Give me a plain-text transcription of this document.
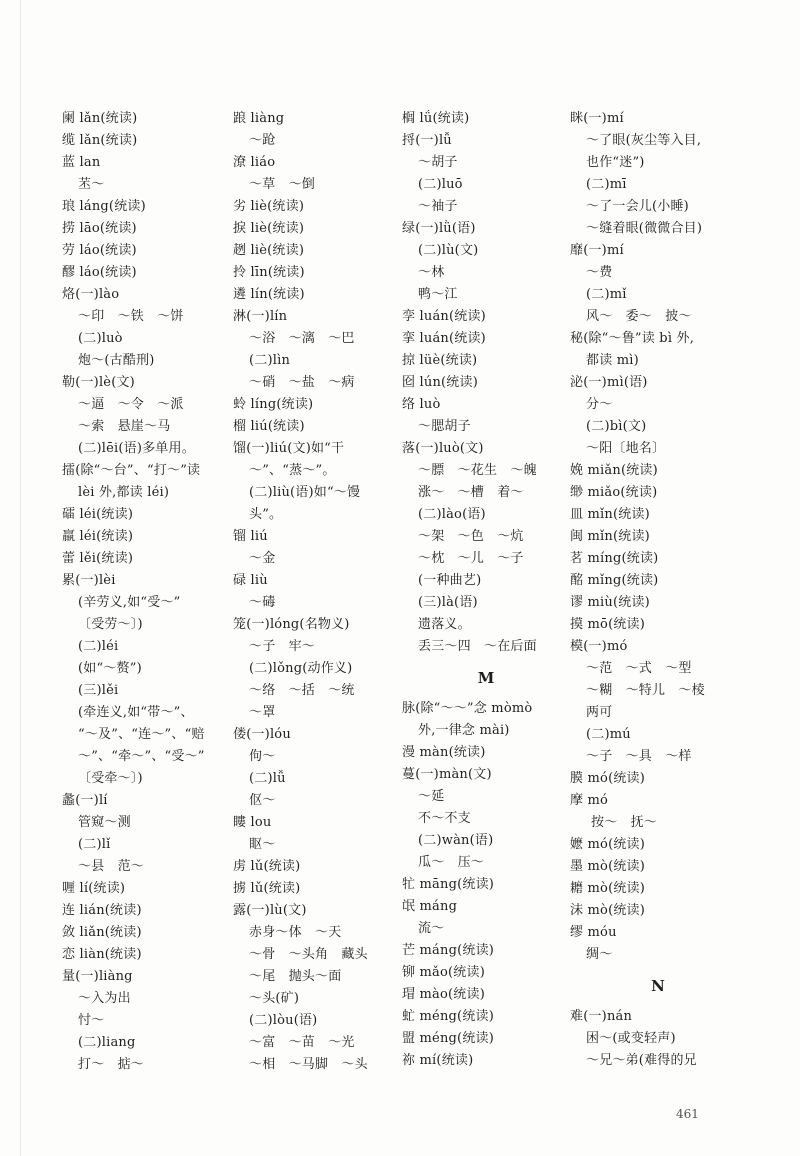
阑 lǎn(统读)
缆 lǎn(统读)
蓝 lan
苤～
琅 láng(统读)
捞 lāo(统读)
劳 láo(统读)
醪 láo(统读)
烙(一)lào
～印　～铁　～饼
(二)luò
炮～(古酷刑)
勒(一)lè(文)
～逼　～令　～派
～索　悬崖～马
(二)lēi(语)多单用。
擂(除“～台”、“打～”读
lèi 外,都读 léi)
礌 léi(统读)
羸 léi(统读)
蕾 lěi(统读)
累(一)lèi
(辛劳义,如“受～”
〔受劳～〕)
(二)léi
(如“～赘”)
(三)lěi
(牵连义,如“带～”、
“～及”、“连～”、“赔
～”、“牵～”、“受～”
〔受牵～〕)
蠡(一)lí
管窥～测
(二)lǐ
～县　范～
喱 lí(统读)
连 lián(统读)
敛 liǎn(统读)
恋 liàn(统读)
量(一)liàng
～入为出
忖～
(二)liang
打～　掂～
踉 liàng
～跄
潦 liáo
～草　～倒
劣 liè(统读)
捩 liè(统读)
趔 liè(统读)
拎 līn(统读)
遴 lín(统读)
淋(一)lín
～浴　～漓　～巴
(二)lìn
～硝　～盐　～病
蛉 líng(统读)
榴 liú(统读)
馏(一)liú(文)如“干
～”、“蒸～”。
(二)liù(语)如“～馒
头”。
镏 liú
～金
碌 liù
～碡
笼(一)lóng(名物义)
～子　牢～
(二)lǒng(动作义)
～络　～括　～统
～罩
偻(一)lóu
佝～
(二)lǚ
伛～
瞜 lou
眍～
虏 lǔ(统读)
掳 lǔ(统读)
露(一)lù(文)
赤身～体　～天
～骨　～头角　藏头
～尾　抛头～面
～头(矿)
(二)lòu(语)
～富　～苗　～光
～相　～马脚　～头
榈 lǘ(统读)
捋(一)lǚ
～胡子
(二)luō
～袖子
绿(一)lǜ(语)
(二)lù(文)
～林
鸭～江
孪 luán(统读)
挛 luán(统读)
掠 lüè(统读)
囵 lún(统读)
络 luò
～腮胡子
落(一)luò(文)
～膘　～花生　～魄
涨～　～槽　着～
(二)lào(语)
～架　～色　～炕
～枕　～儿　～子
(一种曲艺)
(三)là(语)
遗落义。
丢三～四　～在后面
M
脉(除“～～”念 mòmò
外,一律念 mài)
漫 màn(统读)
蔓(一)màn(文)
～延
不～不支
(二)wàn(语)
瓜～　压～
牤 māng(统读)
氓 máng
流～
芒 máng(统读)
铆 mǎo(统读)
瑁 mào(统读)
虻 méng(统读)
盟 méng(统读)
祢 mí(统读)
眯(一)mí
～了眼(灰尘等入目,
也作“迷”)
(二)mī
～了一会儿(小睡)
～缝着眼(微微合目)
靡(一)mí
～费
(二)mǐ
风～　委～　披～
秘(除“～鲁”读 bì 外,
都读 mì)
泌(一)mì(语)
分～
(二)bì(文)
～阳〔地名〕
娩 miǎn(统读)
缈 miǎo(统读)
皿 mǐn(统读)
闽 mǐn(统读)
茗 míng(统读)
酩 mǐng(统读)
谬 miù(统读)
摸 mō(统读)
模(一)mó
～范　～式　～型
～糊　～特儿　～棱
两可
(二)mú
～子　～具　～样
膜 mó(统读)
摩 mó
按～　抚～
嬷 mó(统读)
墨 mò(统读)
耱 mò(统读)
沫 mò(统读)
缪 móu
绸～
N
难(一)nán
困～(或变轻声)
～兄～弟(难得的兄
461
